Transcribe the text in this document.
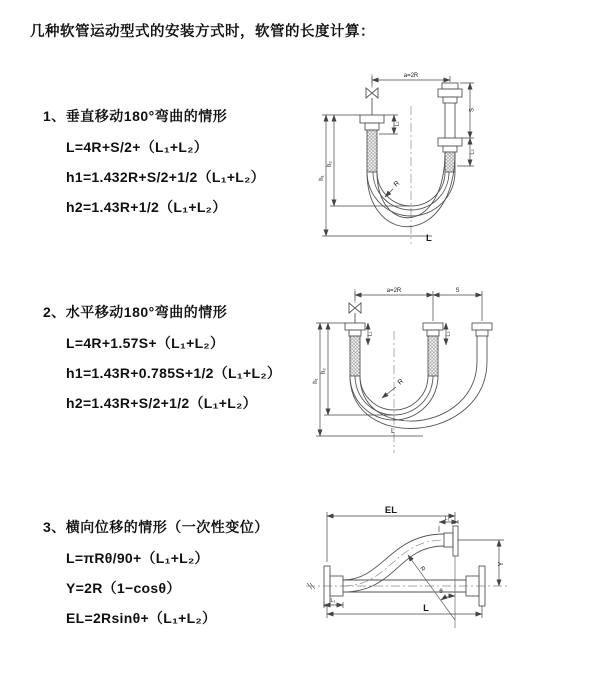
几种软管运动型式的安装方式时，软管的长度计算：
1、垂直移动180°弯曲的情形
L=4R+S/2+（L₁+L₂）
h1=1.432R+S/2+1/2（L₁+L₂）
h2=1.43R+1/2（L₁+L₂）
2、水平移动180°弯曲的情形
L=4R+1.57S+（L₁+L₂）
h1=1.43R+0.785S+1/2（L₁+L₂）
h2=1.43R+S/2+1/2（L₁+L₂）
3、横向位移的情形（一次性变位）
L=πRθ/90+（L₁+L₂）
Y=2R（1−cosθ）
EL=2Rsinθ+（L₁+L₂）
a=2R
h₁
h₂
L₁
S
L₂
R
L
a=2R	S
h₁
h₂
L₁	L₂
R
L
EL
L₁
Y
R
θ
L
L₁
